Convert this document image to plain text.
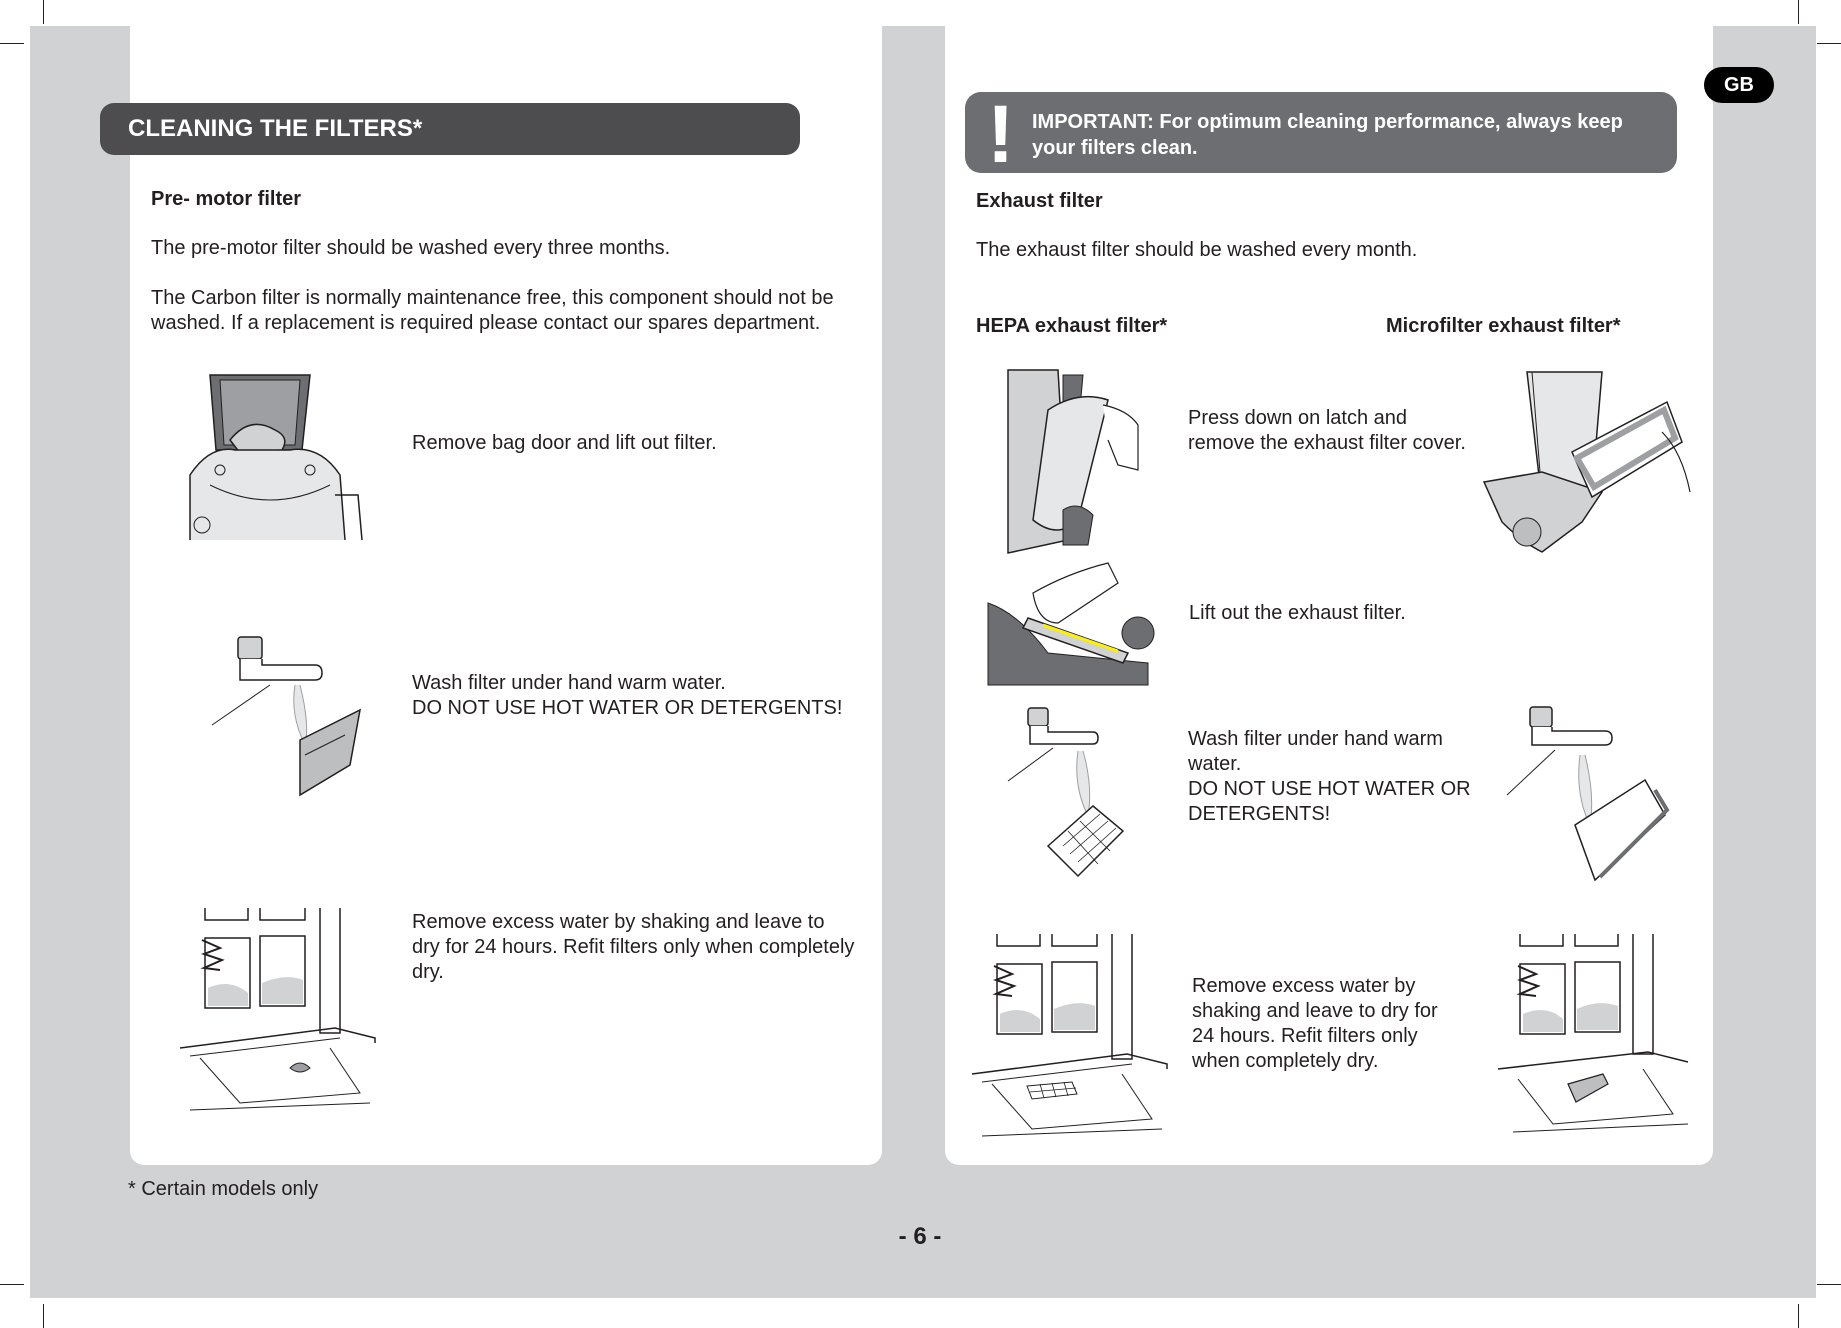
CLEANING THE FILTERS*
Pre- motor filter
The pre-motor filter should be washed every three months.
The Carbon filter is normally maintenance free, this component should not be
washed. If a replacement is required please contact our spares department.
Remove bag door and lift out filter.
Wash filter under hand warm water.
DO NOT USE HOT WATER OR DETERGENTS!
Remove excess water by shaking and leave to
dry for 24 hours. Refit filters only when completely
dry.
* Certain models only
GB
! IMPORTANT: For optimum cleaning performance, always keep
your filters clean.
Exhaust filter
The exhaust filter should be washed every month.
HEPA exhaust filter*	Microfilter exhaust filter*
Press down on latch and
remove the exhaust filter cover.
Lift out the exhaust filter.
Wash filter under hand warm
water.
DO NOT USE HOT WATER OR
DETERGENTS!
Remove excess water by
shaking and leave to dry for
24 hours. Refit filters only
when completely dry.
- 6 -
